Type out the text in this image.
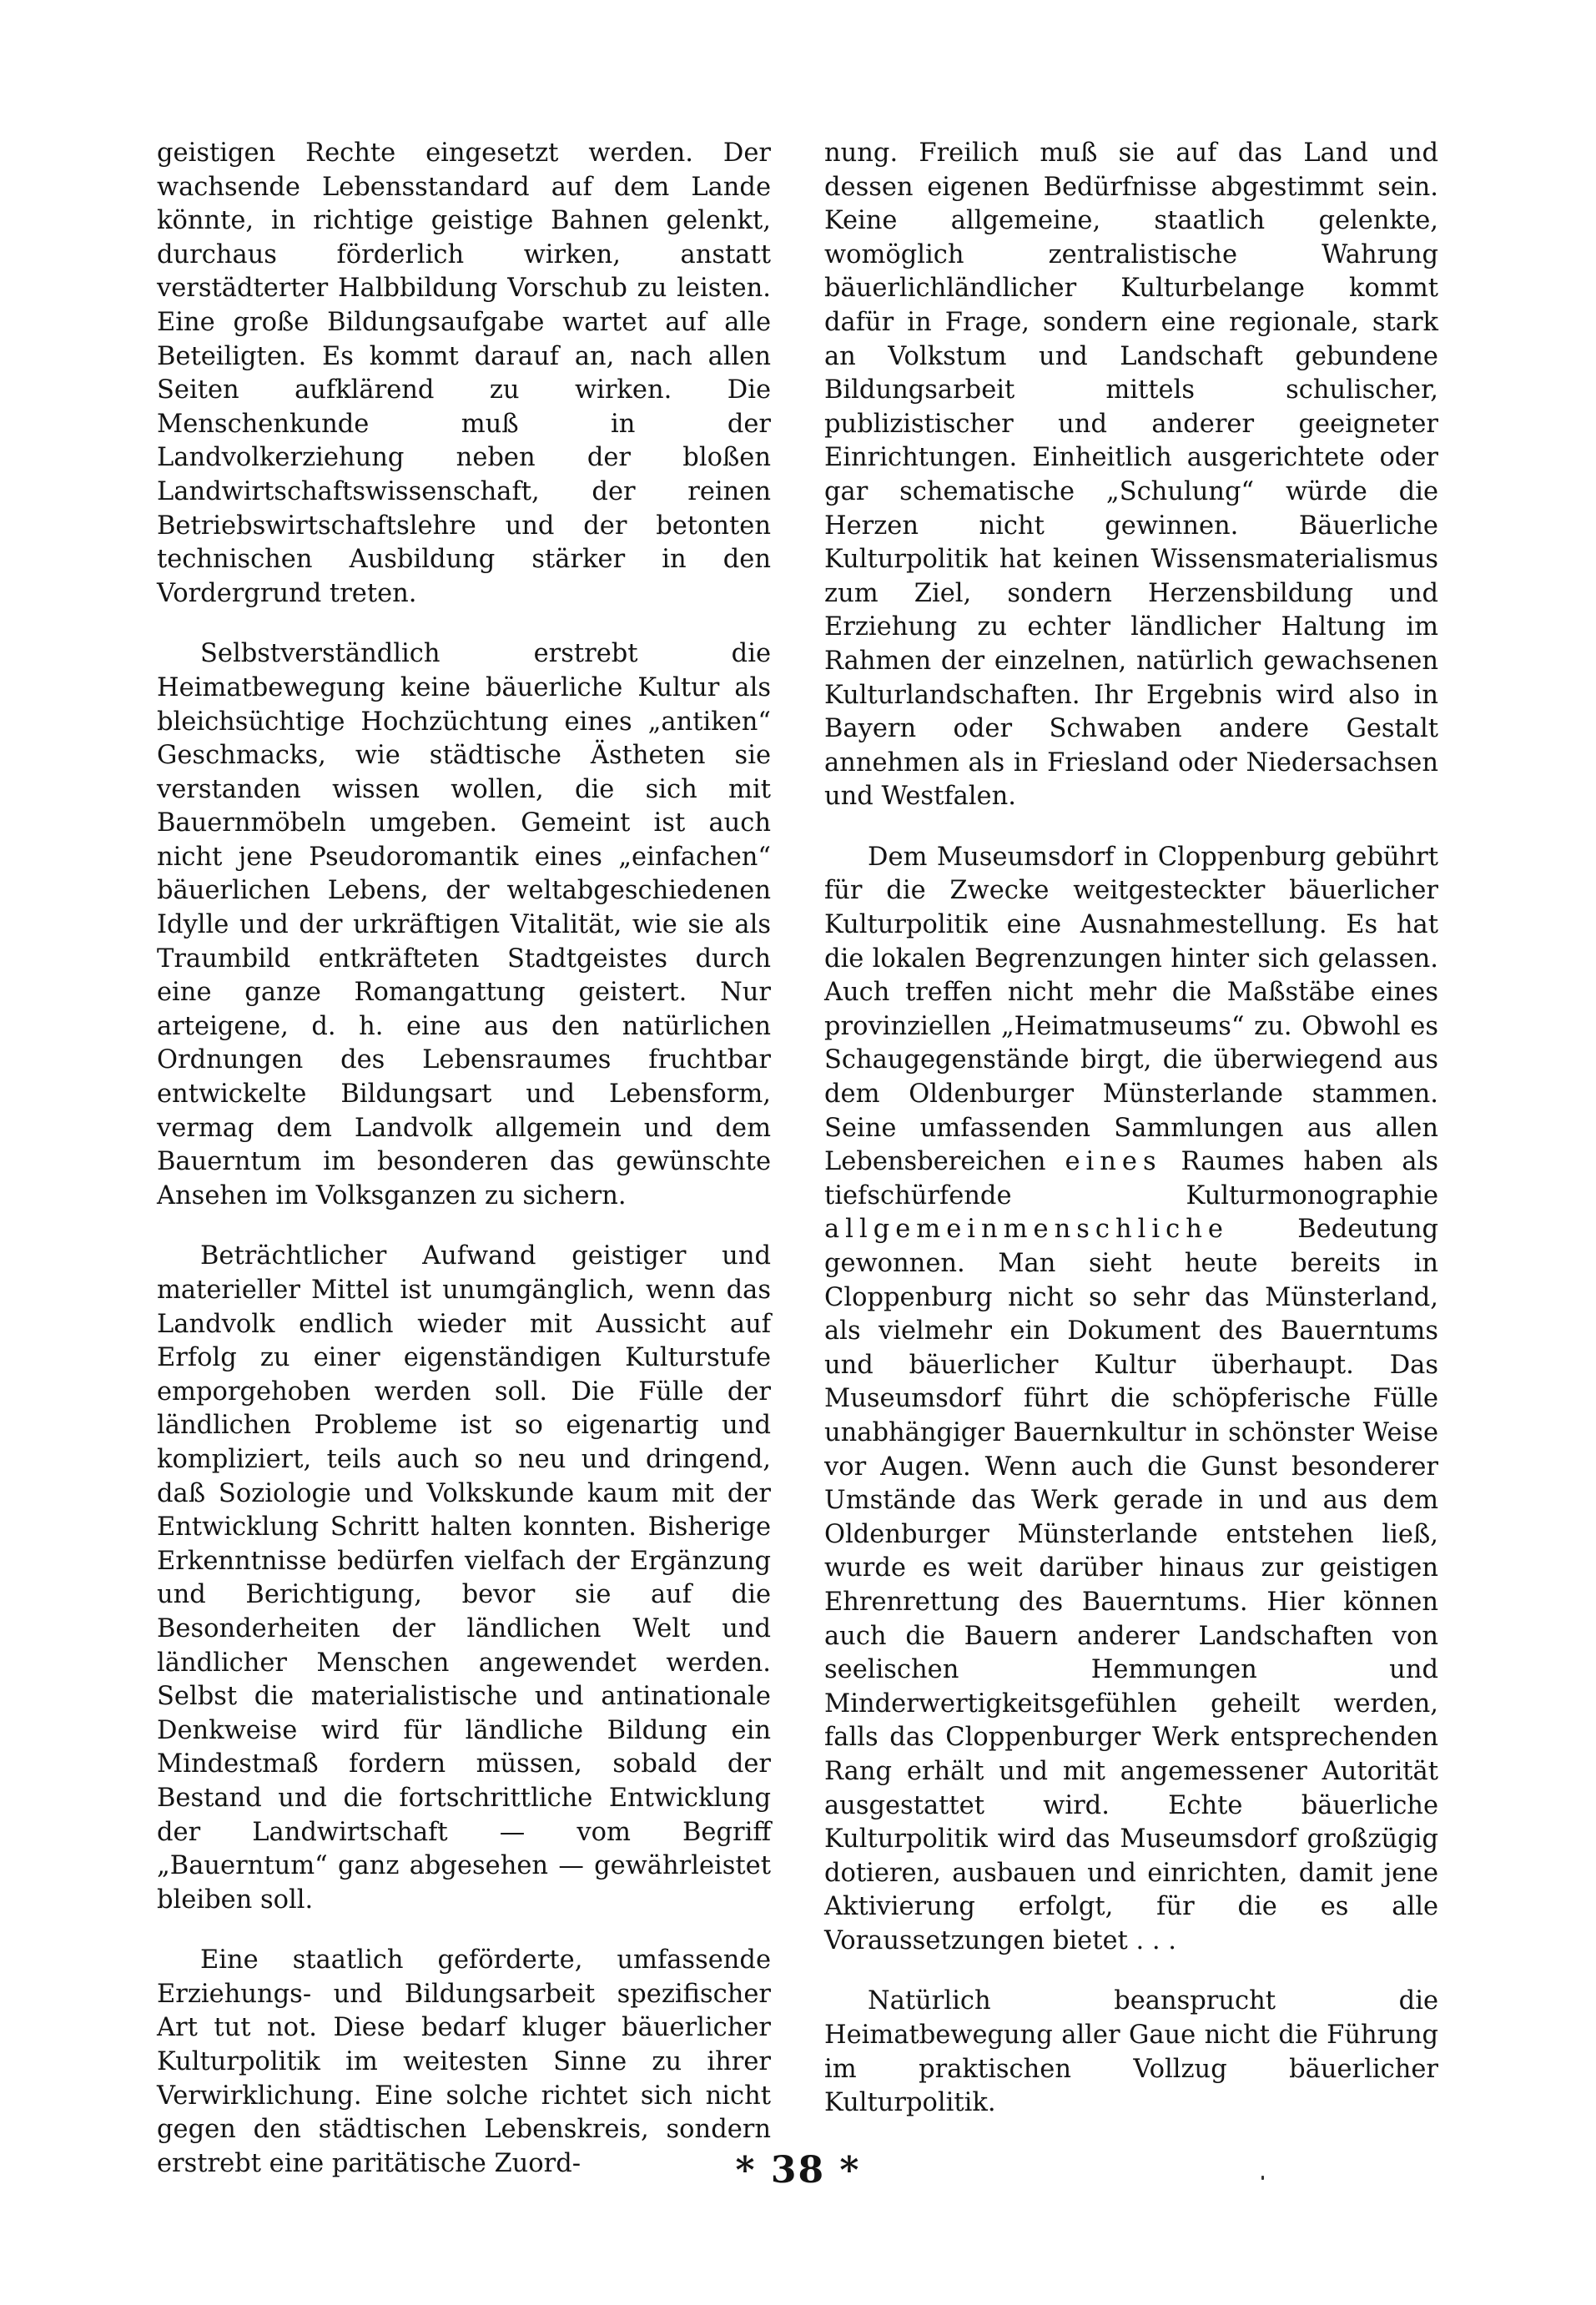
geistigen Rechte eingesetzt werden. Der wachsende Lebensstandard auf dem Lande könnte, in richtige geistige Bahnen gelenkt, durchaus förderlich wirken, anstatt verstädterter Halbbildung Vorschub zu leisten. Eine große Bildungsaufgabe wartet auf alle Beteiligten. Es kommt darauf an, nach allen Seiten aufklärend zu wirken. Die Menschenkunde muß in der Landvolkerziehung neben der bloßen Landwirtschaftswissenschaft, der reinen Betriebswirtschaftslehre und der betonten technischen Ausbildung stärker in den Vordergrund treten.

Selbstverständlich erstrebt die Heimatbewegung keine bäuerliche Kultur als bleichsüchtige Hochzüchtung eines „antiken“ Geschmacks, wie städtische Ästheten sie verstanden wissen wollen, die sich mit Bauernmöbeln umgeben. Gemeint ist auch nicht jene Pseudoromantik eines „einfachen“ bäuerlichen Lebens, der weltabgeschiedenen Idylle und der urkräftigen Vitalität, wie sie als Traumbild entkräfteten Stadtgeistes durch eine ganze Romangattung geistert. Nur arteigene, d. h. eine aus den natürlichen Ordnungen des Lebensraumes fruchtbar entwickelte Bildungsart und Lebensform, vermag dem Landvolk allgemein und dem Bauerntum im besonderen das gewünschte Ansehen im Volksganzen zu sichern.

Beträchtlicher Aufwand geistiger und materieller Mittel ist unumgänglich, wenn das Landvolk endlich wieder mit Aussicht auf Erfolg zu einer eigenständigen Kulturstufe emporgehoben werden soll. Die Fülle der ländlichen Probleme ist so eigenartig und kompliziert, teils auch so neu und dringend, daß Soziologie und Volkskunde kaum mit der Entwicklung Schritt halten konnten. Bisherige Erkenntnisse bedürfen vielfach der Ergänzung und Berichtigung, bevor sie auf die Besonderheiten der ländlichen Welt und ländlicher Menschen angewendet werden. Selbst die materialistische und antinationale Denkweise wird für ländliche Bildung ein Mindestmaß fordern müssen, sobald der Bestand und die fortschrittliche Entwicklung der Landwirtschaft — vom Begriff „Bauerntum“ ganz abgesehen — gewährleistet bleiben soll.

Eine staatlich geförderte, umfassende Erziehungs- und Bildungsarbeit spezifischer Art tut not. Diese bedarf kluger bäuerlicher Kulturpolitik im weitesten Sinne zu ihrer Verwirklichung. Eine solche richtet sich nicht gegen den städtischen Lebenskreis, sondern erstrebt eine paritätische Zuord-

nung. Freilich muß sie auf das Land und dessen eigenen Bedürfnisse abgestimmt sein. Keine allgemeine, staatlich gelenkte, womöglich zentralistische Wahrung bäuerlichländlicher Kulturbelange kommt dafür in Frage, sondern eine regionale, stark an Volkstum und Landschaft gebundene Bildungsarbeit mittels schulischer, publizistischer und anderer geeigneter Einrichtungen. Einheitlich ausgerichtete oder gar schematische „Schulung“ würde die Herzen nicht gewinnen. Bäuerliche Kulturpolitik hat keinen Wissensmaterialismus zum Ziel, sondern Herzensbildung und Erziehung zu echter ländlicher Haltung im Rahmen der einzelnen, natürlich gewachsenen Kulturlandschaften. Ihr Ergebnis wird also in Bayern oder Schwaben andere Gestalt annehmen als in Friesland oder Niedersachsen und Westfalen.

Dem Museumsdorf in Cloppenburg gebührt für die Zwecke weitgesteckter bäuerlicher Kulturpolitik eine Ausnahmestellung. Es hat die lokalen Begrenzungen hinter sich gelassen. Auch treffen nicht mehr die Maßstäbe eines provinziellen „Heimatmuseums“ zu. Obwohl es Schaugegenstände birgt, die überwiegend aus dem Oldenburger Münsterlande stammen. Seine umfassenden Sammlungen aus allen Lebensbereichen eines Raumes haben als tiefschürfende Kulturmonographie allgemeinmenschliche	Bedeutung gewonnen. Man sieht heute bereits in Cloppenburg nicht so sehr das Münsterland, als vielmehr ein Dokument des Bauerntums und bäuerlicher Kultur überhaupt. Das Museumsdorf führt die schöpferische Fülle unabhängiger Bauernkultur in schönster Weise vor Augen. Wenn auch die Gunst besonderer Umstände das Werk gerade in und aus dem Oldenburger Münsterlande entstehen ließ, wurde es weit darüber hinaus zur geistigen Ehrenrettung des Bauerntums. Hier können auch die Bauern anderer Landschaften von seelischen Hemmungen und Minderwertigkeitsgefühlen geheilt werden, falls das Cloppenburger Werk entsprechenden Rang erhält und mit angemessener Autorität ausgestattet wird. Echte bäuerliche Kulturpolitik wird das Museumsdorf großzügig dotieren, ausbauen und einrichten, damit jene Aktivierung erfolgt, für die es alle Voraussetzungen bietet . . .

Natürlich beansprucht die Heimatbewegung aller Gaue nicht die Führung im praktischen Vollzug bäuerlicher Kulturpolitik.

* 38 *
